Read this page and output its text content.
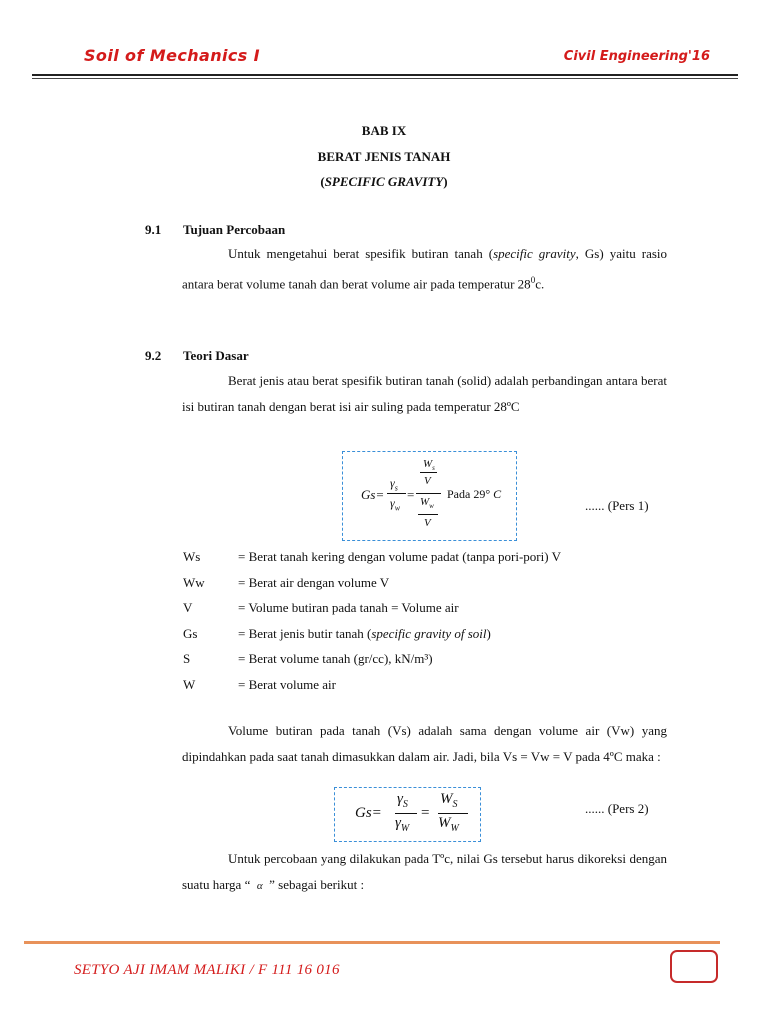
Soil of Mechanics I	Civil Engineering'16
BAB IX
BERAT JENIS TANAH
(SPECIFIC GRAVITY)
9.1 Tujuan Percobaan
Untuk mengetahui berat spesifik butiran tanah (specific gravity, Gs) yaitu rasio antara berat volume tanah dan berat volume air pada temperatur $28^0c$.
9.2 Teori Dasar
Berat jenis atau berat spesifik butiran tanah (solid) adalah perbandingan antara berat isi butiran tanah dengan berat isi air suling pada temperatur 28ºC
Gs=
$\gamma_s$
$\gamma_w$
=
$W_s$
V
$W_w$
V
Pada 29° C
...... (Pers 1)
Ws	= Berat tanah kering dengan volume padat (tanpa pori-pori) V
Ww	= Berat air dengan volume V
V	= Volume butiran pada tanah = Volume air
Gs	= Berat jenis butir tanah (specific gravity of soil)
S	= Berat volume tanah (gr/cc), kN/m³)
W	= Berat volume air
Volume butiran pada tanah (Vs) adalah sama dengan volume air (Vw) yang dipindahkan pada saat tanah dimasukkan dalam air. Jadi, bila Vs = Vw = V pada 4ºC maka :
Gs=
$\gamma_S$
$\gamma_W$
=
$W_S$
$W_W$
...... (Pers 2)
Untuk percobaan yang dilakukan pada Tºc, nilai Gs tersebut harus dikoreksi dengan suatu harga “ α ” sebagai berikut :
SETYO AJI IMAM MALIKI / F 111 16 016
